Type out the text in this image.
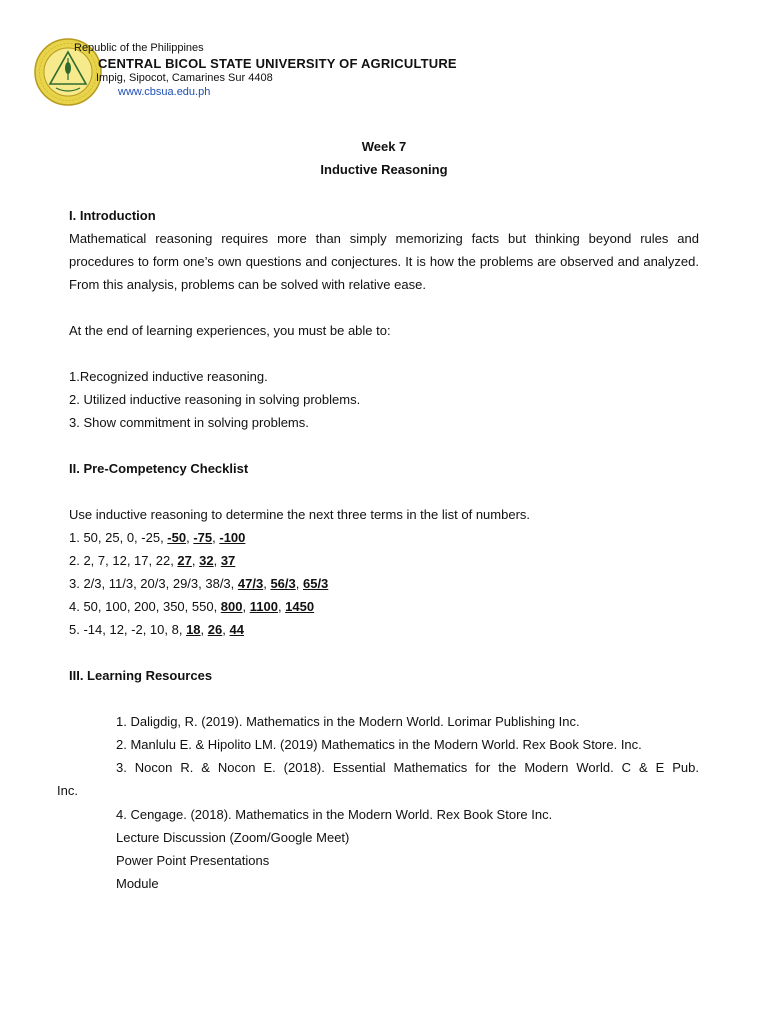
Republic of the Philippines
CENTRAL BICOL STATE UNIVERSITY OF AGRICULTURE
Impig, Sipocot, Camarines Sur 4408
www.cbsua.edu.ph
Week 7
Inductive Reasoning
I. Introduction
Mathematical reasoning requires more than simply memorizing facts but thinking beyond rules and procedures to form one’s own questions and conjectures. It is how the problems are observed and analyzed. From this analysis, problems can be solved with relative ease.
At the end of learning experiences, you must be able to:
1.Recognized inductive reasoning.
2. Utilized inductive reasoning in solving problems.
3. Show commitment in solving problems.
II. Pre-Competency Checklist
Use inductive reasoning to determine the next three terms in the list of numbers.
1. 50, 25, 0, -25, -50, -75, -100
2. 2, 7, 12, 17, 22, 27, 32, 37
3. 2/3, 11/3, 20/3, 29/3, 38/3, 47/3, 56/3, 65/3
4. 50, 100, 200, 350, 550, 800, 1100, 1450
5. -14, 12, -2, 10, 8, 18, 26, 44
III. Learning Resources
1. Daligdig, R. (2019). Mathematics in the Modern World. Lorimar Publishing Inc.
2. Manlulu E. & Hipolito LM. (2019) Mathematics in the Modern World. Rex Book Store. Inc.
3. Nocon R. & Nocon E. (2018). Essential Mathematics for the Modern World. C & E Pub.
Inc.
4. Cengage. (2018). Mathematics in the Modern World. Rex Book Store Inc.
Lecture Discussion (Zoom/Google Meet)
Power Point Presentations
Module
